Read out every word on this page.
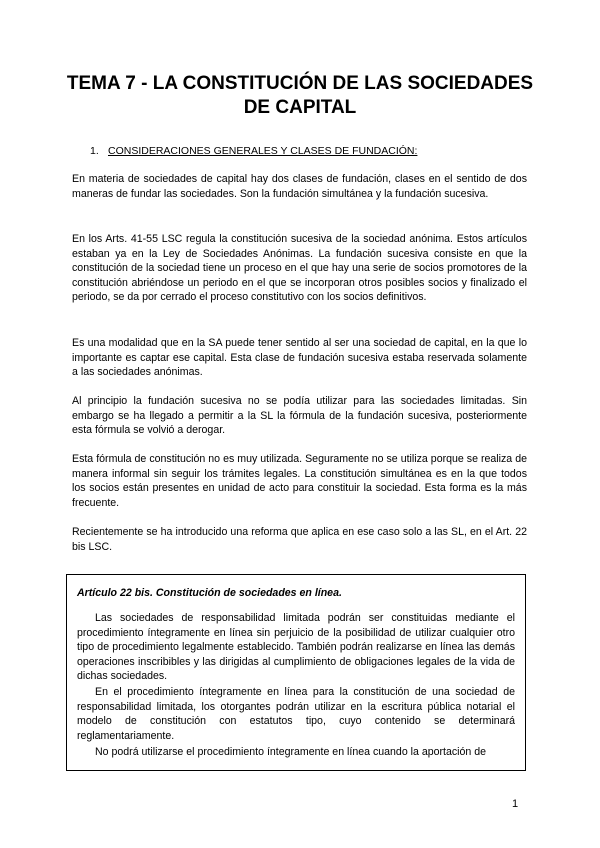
TEMA 7 - LA CONSTITUCIÓN DE LAS SOCIEDADES DE CAPITAL

1. CONSIDERACIONES GENERALES Y CLASES DE FUNDACIÓN:

En materia de sociedades de capital hay dos clases de fundación, clases en el sentido de dos maneras de fundar las sociedades. Son la fundación simultánea y la fundación sucesiva.

En los Arts. 41-55 LSC regula la constitución sucesiva de la sociedad anónima. Estos artículos estaban ya en la Ley de Sociedades Anónimas. La fundación sucesiva consiste en que la constitución de la sociedad tiene un proceso en el que hay una serie de socios promotores de la constitución abriéndose un periodo en el que se incorporan otros posibles socios y finalizado el periodo, se da por cerrado el proceso constitutivo con los socios definitivos.

Es una modalidad que en la SA puede tener sentido al ser una sociedad de capital, en la que lo importante es captar ese capital. Esta clase de fundación sucesiva estaba reservada solamente a las sociedades anónimas.

Al principio la fundación sucesiva no se podía utilizar para las sociedades limitadas. Sin embargo se ha llegado a permitir a la SL la fórmula de la fundación sucesiva, posteriormente esta fórmula se volvió a derogar.

Esta fórmula de constitución no es muy utilizada. Seguramente no se utiliza porque se realiza de manera informal sin seguir los trámites legales. La constitución simultánea es en la que todos los socios están presentes en unidad de acto para constituir la sociedad. Esta forma es la más frecuente.

Recientemente se ha introducido una reforma que aplica en ese caso solo a las SL, en el Art. 22 bis LSC.

Artículo 22 bis. Constitución de sociedades en línea.

Las sociedades de responsabilidad limitada podrán ser constituidas mediante el procedimiento íntegramente en línea sin perjuicio de la posibilidad de utilizar cualquier otro tipo de procedimiento legalmente establecido. También podrán realizarse en línea las demás operaciones inscribibles y las dirigidas al cumplimiento de obligaciones legales de la vida de dichas sociedades.

En el procedimiento íntegramente en línea para la constitución de una sociedad de responsabilidad limitada, los otorgantes podrán utilizar en la escritura pública notarial el modelo de constitución con estatutos tipo, cuyo contenido se determinará reglamentariamente.

No podrá utilizarse el procedimiento íntegramente en línea cuando la aportación de

1
